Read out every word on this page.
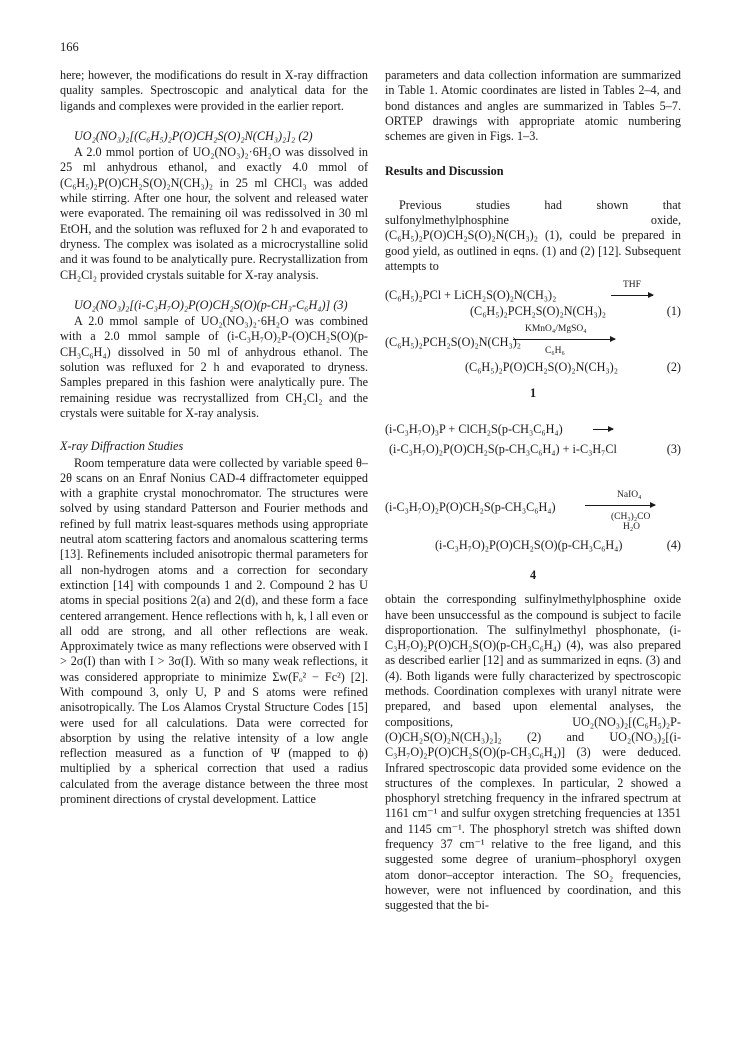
166

here; however, the modifications do result in X-ray diffraction quality samples. Spectroscopic and analytical data for the ligands and complexes were provided in the earlier report.

UO₂(NO₃)₂[(C₆H₅)₂P(O)CH₂S(O)₂N(CH₃)₂]₂ (2)

A 2.0 mmol portion of UO₂(NO₃)₂·6H₂O was dissolved in 25 ml anhydrous ethanol, and exactly 4.0 mmol of (C₆H₅)₂P(O)CH₂S(O)₂N(CH₃)₂ in 25 ml CHCl₃ was added while stirring. After one hour, the solvent and released water were evaporated. The remaining oil was redissolved in 30 ml EtOH, and the solution was refluxed for 2 h and evaporated to dryness. The complex was isolated as a microcrystalline solid and it was found to be analytically pure. Recrystallization from CH₂Cl₂ provided crystals suitable for X-ray analysis.

UO₂(NO₃)₂[(i-C₃H₇O)₂P(O)CH₂S(O)(p-CH₃-C₆H₄)] (3)

A 2.0 mmol sample of UO₂(NO₃)₂·6H₂O was combined with a 2.0 mmol sample of (i-C₃H₇O)₂P-(O)CH₂S(O)(p-CH₃C₆H₄) dissolved in 50 ml of anhydrous ethanol. The solution was refluxed for 2 h and evaporated to dryness. Samples prepared in this fashion were analytically pure. The remaining residue was recrystallized from CH₂Cl₂ and the crystals were suitable for X-ray analysis.

X-ray Diffraction Studies

Room temperature data were collected by variable speed θ–2θ scans on an Enraf Nonius CAD-4 diffractometer equipped with a graphite crystal monochromator. The structures were solved by using standard Patterson and Fourier methods and refined by full matrix least-squares methods using appropriate neutral atom scattering factors and anomalous scattering terms [13]. Refinements included anisotropic thermal parameters for all non-hydrogen atoms and a correction for secondary extinction [14] with compounds 1 and 2. Compound 2 has U atoms in special positions 2(a) and 2(d), and these form a face centered arrangement. Hence reflections with h, k, l all even or all odd are strong, and all other reflections are weak. Approximately twice as many reflections were observed with I > 2σ(I) than with I > 3σ(I). With so many weak reflections, it was considered appropriate to minimize Σw(Fₒ² − Fc²) [2]. With compound 3, only U, P and S atoms were refined anisotropically. The Los Alamos Crystal Structure Codes [15] were used for all calculations. Data were corrected for absorption by using the relative intensity of a low angle reflection measured as a function of Ψ (mapped to ϕ) multiplied by a spherical correction that used a radius calculated from the average distance between the three most prominent directions of crystal development. Lattice

parameters and data collection information are summarized in Table 1. Atomic coordinates are listed in Tables 2–4, and bond distances and angles are summarized in Tables 5–7. ORTEP drawings with appropriate atomic numbering schemes are given in Figs. 1–3.

Results and Discussion

Previous studies had shown that sulfonylmethylphosphine oxide, (C₆H₅)₂P(O)CH₂S(O)₂N(CH₃)₂ (1), could be prepared in good yield, as outlined in eqns. (1) and (2) [12]. Subsequent attempts to

THF
(C₆H₅)₂PCl + LiCH₂S(O)₂N(CH₃)₂
(C₆H₅)₂PCH₂S(O)₂N(CH₃)₂	(1)
KMnO₄/MgSO₄
(C₆H₅)₂PCH₂S(O)₂N(CH₃)₂
C₆H₆
(C₆H₅)₂P(O)CH₂S(O)₂N(CH₃)₂	(2)
1
(i-C₃H₇O)₃P + ClCH₂S(p-CH₃C₆H₄)
(i-C₃H₇O)₂P(O)CH₂S(p-CH₃C₆H₄) + i-C₃H₇Cl	(3)
NaIO₄
(i-C₃H₇O)₂P(O)CH₂S(p-CH₃C₆H₄)
(CH₃)₂CO
H₂O
(i-C₃H₇O)₂P(O)CH₂S(O)(p-CH₃C₆H₄)	(4)
4

obtain the corresponding sulfinylmethylphosphine oxide have been unsuccessful as the compound is subject to facile disproportionation. The sulfinylmethyl phosphonate, (i-C₃H₇O)₂P(O)CH₂S(O)(p-CH₃C₆H₄) (4), was also prepared as described earlier [12] and as summarized in eqns. (3) and (4). Both ligands were fully characterized by spectroscopic methods. Coordination complexes with uranyl nitrate were prepared, and based upon elemental analyses, the compositions, UO₂(NO₃)₂[(C₆H₅)₂P-(O)CH₂S(O)₂N(CH₃)₂]₂ (2) and UO₂(NO₃)₂[(i-C₃H₇O)₂P(O)CH₂S(O)(p-CH₃C₆H₄)] (3) were deduced. Infrared spectroscopic data provided some evidence on the structures of the complexes. In particular, 2 showed a phosphoryl stretching frequency in the infrared spectrum at 1161 cm⁻¹ and sulfur oxygen stretching frequencies at 1351 and 1145 cm⁻¹. The phosphoryl stretch was shifted down frequency 37 cm⁻¹ relative to the free ligand, and this suggested some degree of uranium–phosphoryl oxygen atom donor–acceptor interaction. The SO₂ frequencies, however, were not influenced by coordination, and this suggested that the bi-
